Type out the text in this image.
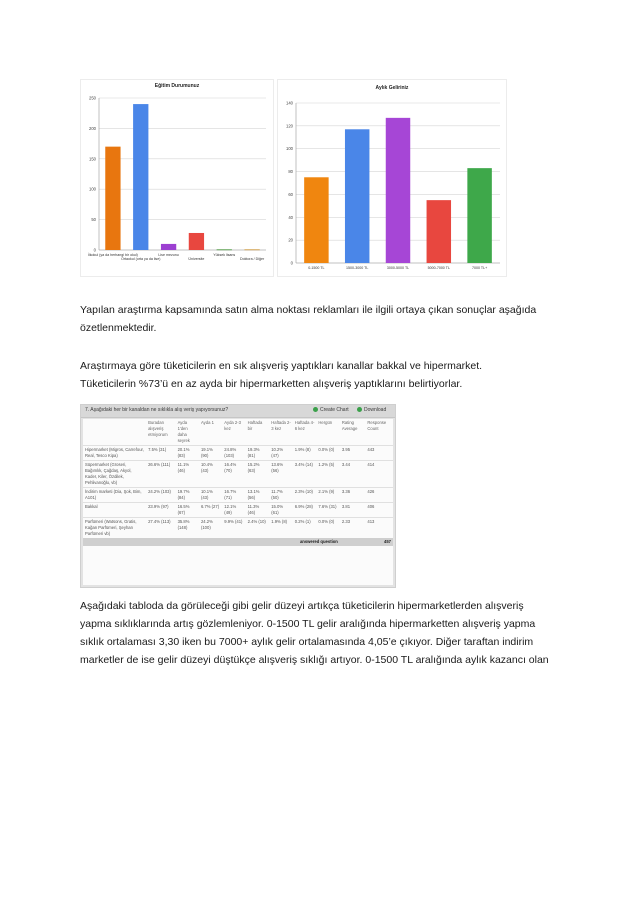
Eğitim Durumunuz
0
50
100
150
200
250
İlkokul (ya da herhangi bir okul)
Ortaokul (orta ya da lise)
Lise mezunu
Üniversite
Yüksek lisans
Doktora / Diğer
Aylık Geliriniz
0
20
40
60
80
100
120
140
0-1500 TL	1500-3000 TL	3000-5000 TL	5000-7000 TL	7000 TL+
Yapılan araştırma kapsamında satın alma noktası reklamları ile ilgili ortaya çıkan sonuçlar aşağıda
özetlenmektedir.
Araştırmaya göre tüketicilerin en sık alışveriş yaptıkları kanallar bakkal ve hipermarket.
Tüketicilerin %73’ü en az ayda bir hipermarketten alışveriş yaptıklarını belirtiyorlar.
7. Aşağıdaki her bir kanaldan ne sıklıkla alış veriş yapıyorsunuz?	Create Chart	Download
	Buradan alışveriş etmiyorum	Ayda 1'den daha seyrek	Ayda 1	Ayda 2-3 kez	Haftada bir	Haftada 2-3 kez	Haftada 4-6 kez	Hergün	Rating Average	Response Count
Hipermarket (Migros, Carrefour, Real, Tesco Kipa)	7.5% (31)	20.1% (83)	19.1% (90)	24.8% (103)	19.3% (81)	10.2% (47)	1.9% (8)	0.0% (0)	3.95	443
Süpermarket (Groseri, Bağımlık, Çağdaş, Akyol, Kader, Kiler, Özdilek, Pehlivanoğlu, vb)	26.6% (111)	11.1% (46)	10.4% (43)	16.4% (70)	15.2% (63)	13.6% (56)	3.4% (14)	1.2% (5)	3.44	414
İndirim marketi (Dia, Şok, Bim, A101)	24.2% (103)	19.7% (84)	10.1% (43)	16.7% (71)	13.1% (56)	11.7% (50)	2.3% (10)	2.1% (9)	3.36	426
Bakkal	23.9% (97)	16.5% (67)	6.7% (27)	12.1% (49)	11.3% (46)	15.0% (61)	6.9% (28)	7.6% (31)	3.81	406
Parfümeri (Watsons, Gratis, Kağan Parfümeri, Şeyhan Parfümeri vb)	27.4% (113)	35.8% (148)	24.2% (100)	9.9% (41)	2.4% (10)	1.9% (8)	0.2% (1)	0.0% (0)	2.33	413
answered question									457	
Aşağıdaki tabloda da görüleceği gibi gelir düzeyi artıkça tüketicilerin hipermarketlerden alışveriş
yapma sıklıklarında artış gözlemleniyor. 0-1500 TL gelir aralığında hipermarketten alışveriş yapma
sıklık ortalaması 3,30 iken bu 7000+ aylık gelir ortalamasında 4,05’e çıkıyor. Diğer taraftan indirim
marketler de ise gelir düzeyi düştükçe alışveriş sıklığı artıyor. 0-1500 TL aralığında aylık kazancı olan
